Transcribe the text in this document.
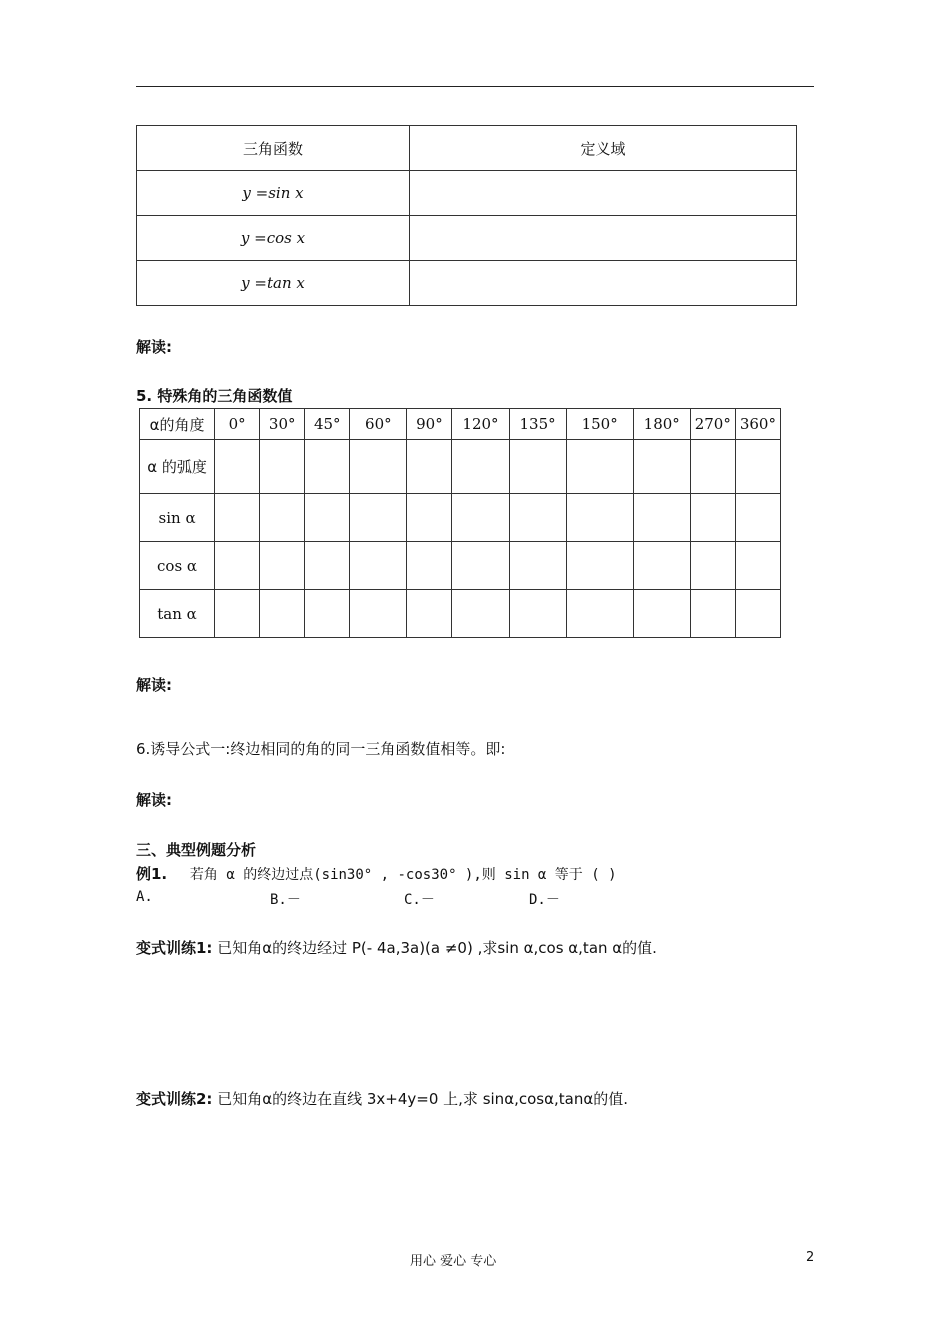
三角函数	定义域
y =sin x	
y =cos x	
y =tan x	
解读:
5. 特殊角的三角函数值
α的角度	0°	30°	45°	60°	90°	120°	135°	150°	180°	270°	360°
α 的弧度											
sin α											
cos α											
tan α											
解读:
6.诱导公式一:终边相同的角的同一三角函数值相等。即:
解读:
三、典型例题分析
例1. 若角 α 的终边过点(sin30° , -cos30° ),则 sin α 等于 ( )
A.	B.－	C.－	D.－
变式训练1: 已知角α的终边经过 P(- 4a,3a)(a ≠0) ,求sin α,cos α,tan α的值.
变式训练2: 已知角α的终边在直线 3x+4y=0 上,求 sinα,cosα,tanα的值.
用心 爱心 专心	2
